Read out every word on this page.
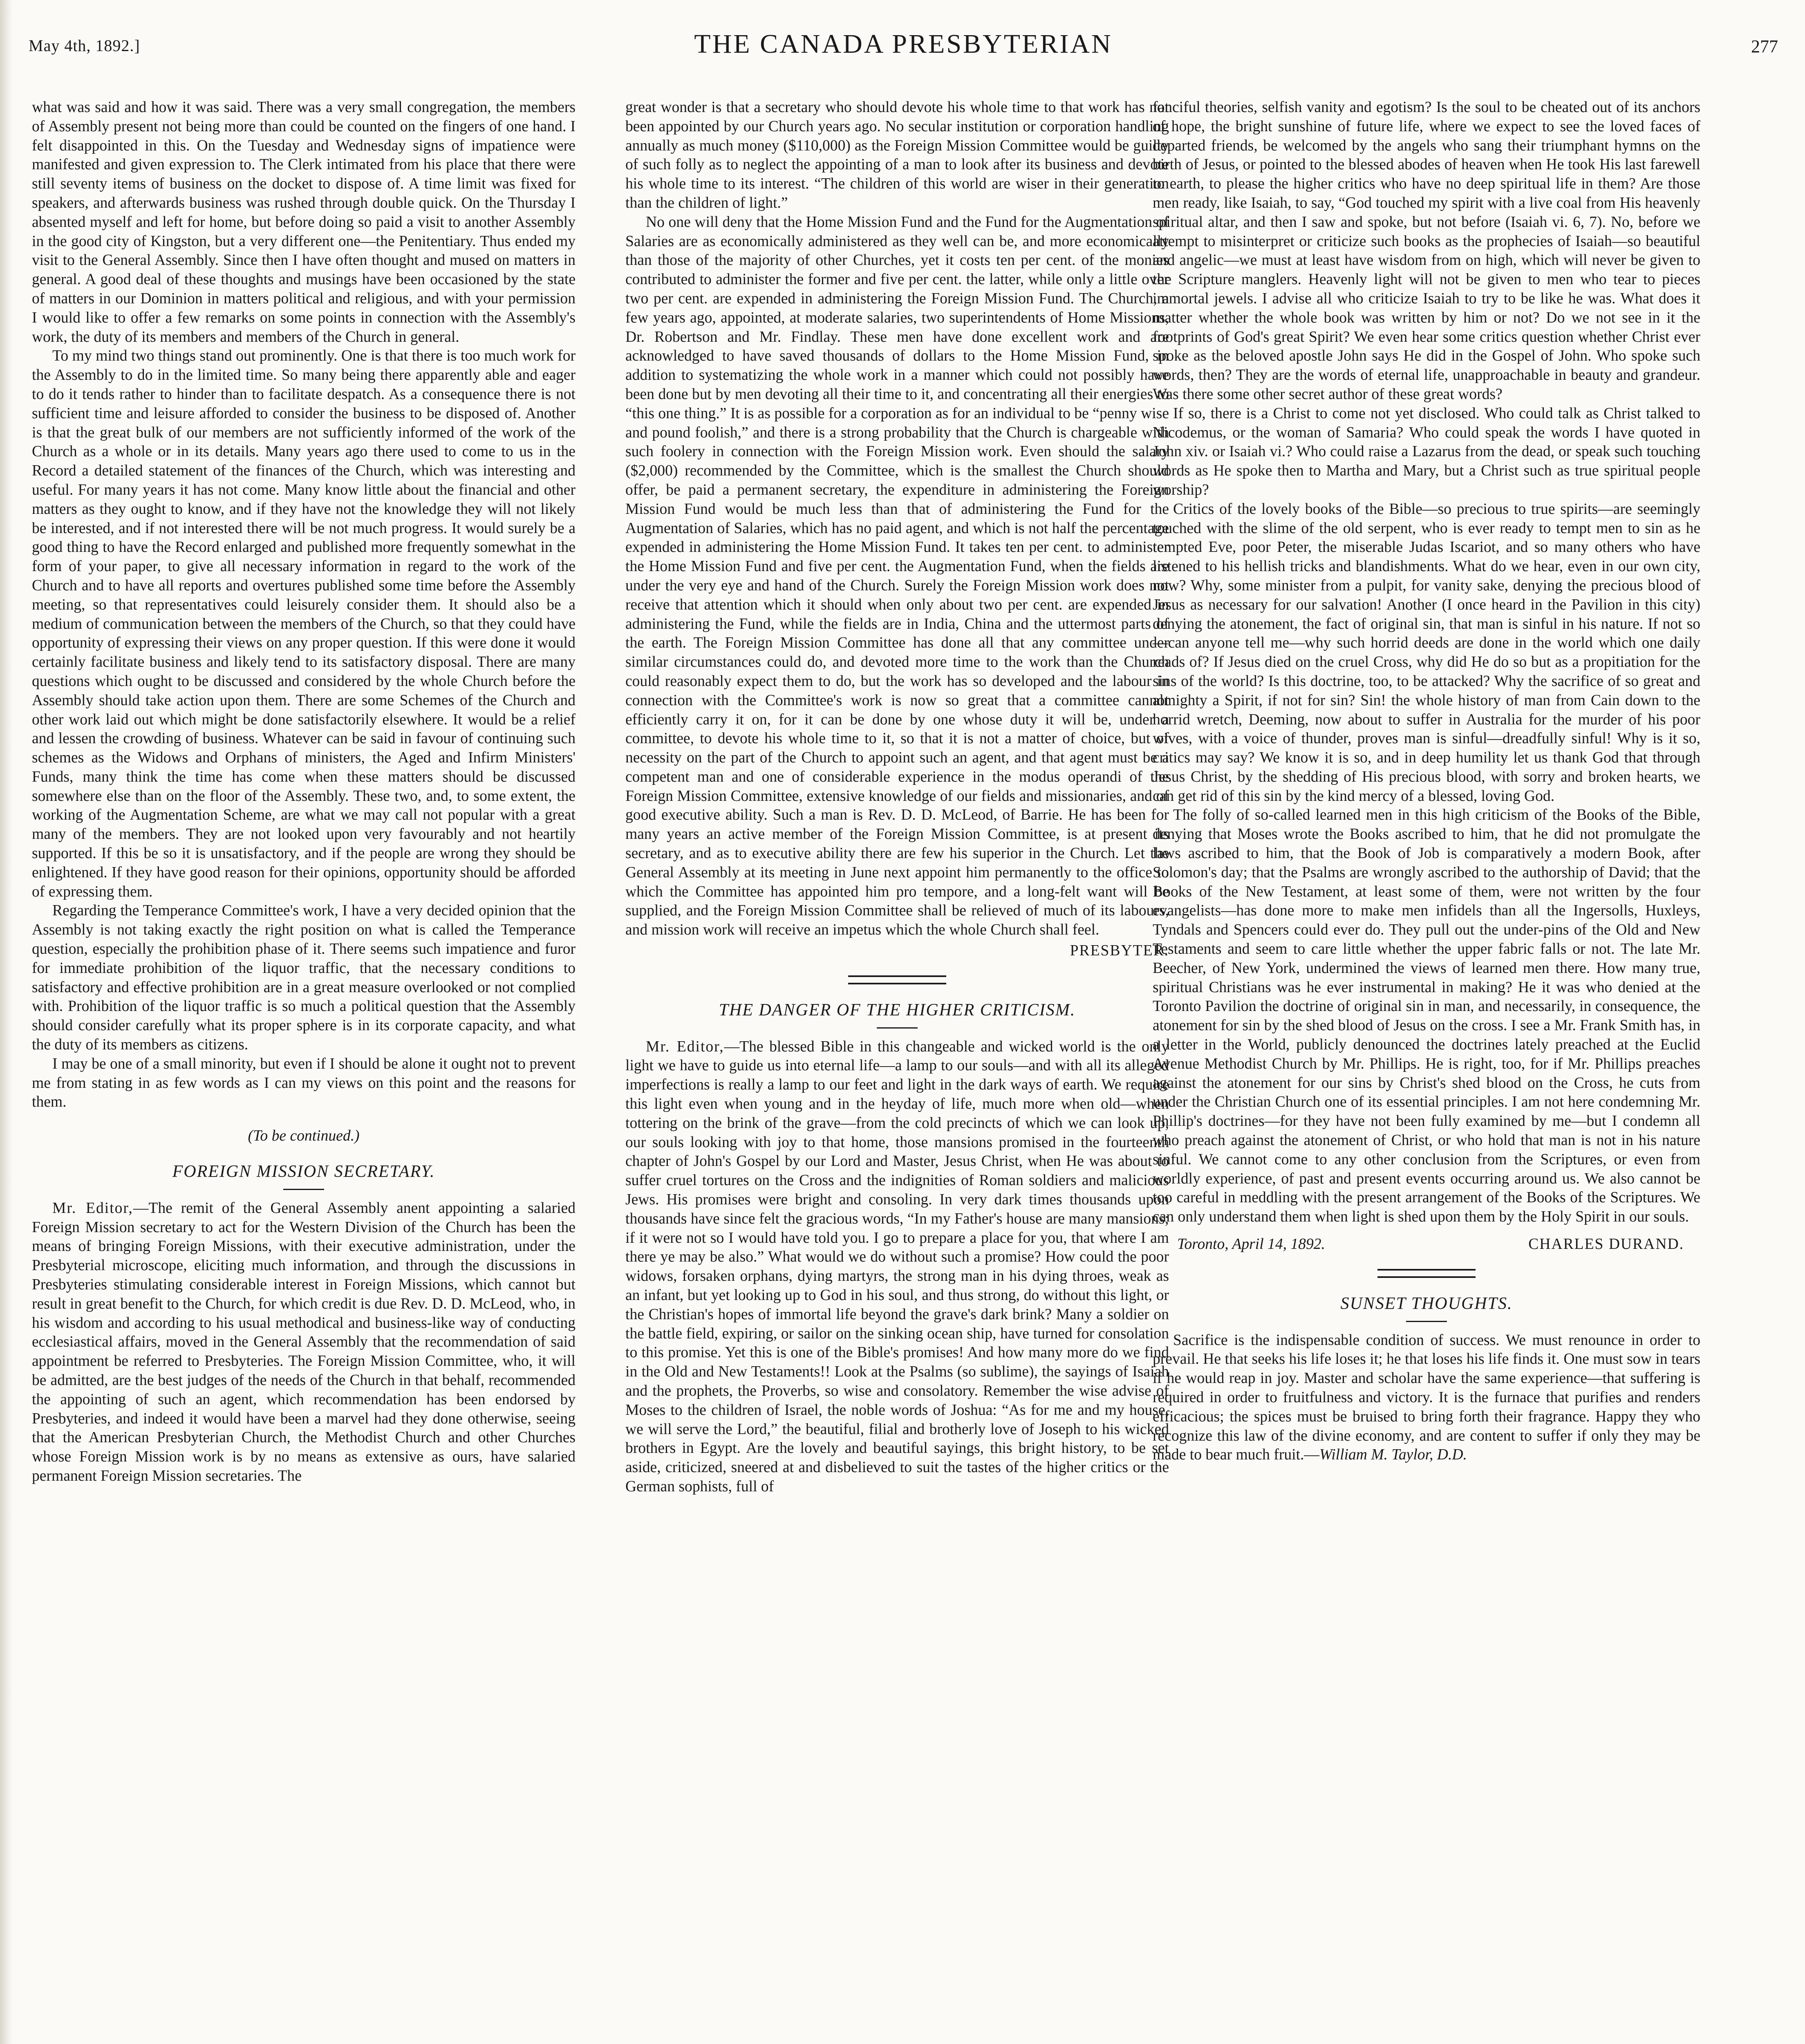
May 4th, 1892.]	THE CANADA PRESBYTERIAN	277

what was said and how it was said. There was a very small congregation, the members of Assembly present not being more than could be counted on the fingers of one hand. I felt disappointed in this. On the Tuesday and Wednesday signs of impatience were manifested and given expression to. The Clerk intimated from his place that there were still seventy items of business on the docket to dispose of. A time limit was fixed for speakers, and afterwards business was rushed through double quick. On the Thursday I absented myself and left for home, but before doing so paid a visit to another Assembly in the good city of Kingston, but a very different one—the Penitentiary. Thus ended my visit to the General Assembly. Since then I have often thought and mused on matters in general. A good deal of these thoughts and musings have been occasioned by the state of matters in our Dominion in matters political and religious, and with your permission I would like to offer a few remarks on some points in connection with the Assembly's work, the duty of its members and members of the Church in general.

To my mind two things stand out prominently. One is that there is too much work for the Assembly to do in the limited time. So many being there apparently able and eager to do it tends rather to hinder than to facilitate despatch. As a consequence there is not sufficient time and leisure afforded to consider the business to be disposed of. Another is that the great bulk of our members are not sufficiently informed of the work of the Church as a whole or in its details. Many years ago there used to come to us in the Record a detailed statement of the finances of the Church, which was interesting and useful. For many years it has not come. Many know little about the financial and other matters as they ought to know, and if they have not the knowledge they will not likely be interested, and if not interested there will be not much progress. It would surely be a good thing to have the Record enlarged and published more frequently somewhat in the form of your paper, to give all necessary information in regard to the work of the Church and to have all reports and overtures published some time before the Assembly meeting, so that representatives could leisurely consider them. It should also be a medium of communication between the members of the Church, so that they could have opportunity of expressing their views on any proper question. If this were done it would certainly facilitate business and likely tend to its satisfactory disposal. There are many questions which ought to be discussed and considered by the whole Church before the Assembly should take action upon them. There are some Schemes of the Church and other work laid out which might be done satisfactorily elsewhere. It would be a relief and lessen the crowding of business. Whatever can be said in favour of continuing such schemes as the Widows and Orphans of ministers, the Aged and Infirm Ministers' Funds, many think the time has come when these matters should be discussed somewhere else than on the floor of the Assembly. These two, and, to some extent, the working of the Augmentation Scheme, are what we may call not popular with a great many of the members. They are not looked upon very favourably and not heartily supported. If this be so it is unsatisfactory, and if the people are wrong they should be enlightened. If they have good reason for their opinions, opportunity should be afforded of expressing them.

Regarding the Temperance Committee's work, I have a very decided opinion that the Assembly is not taking exactly the right position on what is called the Temperance question, especially the prohibition phase of it. There seems such impatience and furor for immediate prohibition of the liquor traffic, that the necessary conditions to satisfactory and effective prohibition are in a great measure overlooked or not complied with. Prohibition of the liquor traffic is so much a political question that the Assembly should consider carefully what its proper sphere is in its corporate capacity, and what the duty of its members as citizens.

I may be one of a small minority, but even if I should be alone it ought not to prevent me from stating in as few words as I can my views on this point and the reasons for them.

(To be continued.)
FOREIGN MISSION SECRETARY.

Mr. Editor,—The remit of the General Assembly anent appointing a salaried Foreign Mission secretary to act for the Western Division of the Church has been the means of bringing Foreign Missions, with their executive administration, under the Presbyterial microscope, eliciting much information, and through the discussions in Presbyteries stimulating considerable interest in Foreign Missions, which cannot but result in great benefit to the Church, for which credit is due Rev. D. D. McLeod, who, in his wisdom and according to his usual methodical and business-like way of conducting ecclesiastical affairs, moved in the General Assembly that the recommendation of said appointment be referred to Presbyteries. The Foreign Mission Committee, who, it will be admitted, are the best judges of the needs of the Church in that behalf, recommended the appointing of such an agent, which recommendation has been endorsed by Presbyteries, and indeed it would have been a marvel had they done otherwise, seeing that the American Presbyterian Church, the Methodist Church and other Churches whose Foreign Mission work is by no means as extensive as ours, have salaried permanent Foreign Mission secretaries. The

great wonder is that a secretary who should devote his whole time to that work has not been appointed by our Church years ago. No secular institution or corporation handling annually as much money ($110,000) as the Foreign Mission Committee would be guilty of such folly as to neglect the appointing of a man to look after its business and devote his whole time to its interest. “The children of this world are wiser in their generation than the children of light.”

No one will deny that the Home Mission Fund and the Fund for the Augmentation of Salaries are as economically administered as they well can be, and more economically than those of the majority of other Churches, yet it costs ten per cent. of the monies contributed to administer the former and five per cent. the latter, while only a little over two per cent. are expended in administering the Foreign Mission Fund. The Church, a few years ago, appointed, at moderate salaries, two superintendents of Home Missions, Dr. Robertson and Mr. Findlay. These men have done excellent work and are acknowledged to have saved thousands of dollars to the Home Mission Fund, in addition to systematizing the whole work in a manner which could not possibly have been done but by men devoting all their time to it, and concentrating all their energies to “this one thing.” It is as possible for a corporation as for an individual to be “penny wise and pound foolish,” and there is a strong probability that the Church is chargeable with such foolery in connection with the Foreign Mission work. Even should the salary ($2,000) recommended by the Committee, which is the smallest the Church should offer, be paid a permanent secretary, the expenditure in administering the Foreign Mission Fund would be much less than that of administering the Fund for the Augmentation of Salaries, which has no paid agent, and which is not half the percentage expended in administering the Home Mission Fund. It takes ten per cent. to administer the Home Mission Fund and five per cent. the Augmentation Fund, when the fields are under the very eye and hand of the Church. Surely the Foreign Mission work does not receive that attention which it should when only about two per cent. are expended in administering the Fund, while the fields are in India, China and the uttermost parts of the earth. The Foreign Mission Committee has done all that any committee under similar circumstances could do, and devoted more time to the work than the Church could reasonably expect them to do, but the work has so developed and the labour in connection with the Committee's work is now so great that a committee cannot efficiently carry it on, for it can be done by one whose duty it will be, under a committee, to devote his whole time to it, so that it is not a matter of choice, but of necessity on the part of the Church to appoint such an agent, and that agent must be a competent man and one of considerable experience in the modus operandi of the Foreign Mission Committee, extensive knowledge of our fields and missionaries, and of good executive ability. Such a man is Rev. D. D. McLeod, of Barrie. He has been for many years an active member of the Foreign Mission Committee, is at present its secretary, and as to executive ability there are few his superior in the Church. Let the General Assembly at its meeting in June next appoint him permanently to the office to which the Committee has appointed him pro tempore, and a long-felt want will be supplied, and the Foreign Mission Committee shall be relieved of much of its labours, and mission work will receive an impetus which the whole Church shall feel.

PRESBYTER.
THE DANGER OF THE HIGHER CRITICISM.

Mr. Editor,—The blessed Bible in this changeable and wicked world is the only light we have to guide us into eternal life—a lamp to our souls—and with all its alleged imperfections is really a lamp to our feet and light in the dark ways of earth. We require this light even when young and in the heyday of life, much more when old—when tottering on the brink of the grave—from the cold precincts of which we can look up, our souls looking with joy to that home, those mansions promised in the fourteenth chapter of John's Gospel by our Lord and Master, Jesus Christ, when He was about to suffer cruel tortures on the Cross and the indignities of Roman soldiers and malicious Jews. His promises were bright and consoling. In very dark times thousands upon thousands have since felt the gracious words, “In my Father's house are many mansions; if it were not so I would have told you. I go to prepare a place for you, that where I am there ye may be also.” What would we do without such a promise? How could the poor widows, forsaken orphans, dying martyrs, the strong man in his dying throes, weak as an infant, but yet looking up to God in his soul, and thus strong, do without this light, or the Christian's hopes of immortal life beyond the grave's dark brink? Many a soldier on the battle field, expiring, or sailor on the sinking ocean ship, have turned for consolation to this promise. Yet this is one of the Bible's promises! And how many more do we find in the Old and New Testaments!! Look at the Psalms (so sublime), the sayings of Isaiah and the prophets, the Proverbs, so wise and consolatory. Remember the wise advise of Moses to the children of Israel, the noble words of Joshua: “As for me and my house, we will serve the Lord,” the beautiful, filial and brotherly love of Joseph to his wicked brothers in Egypt. Are the lovely and beautiful sayings, this bright history, to be set aside, criticized, sneered at and disbelieved to suit the tastes of the higher critics or the German sophists, full of

fanciful theories, selfish vanity and egotism? Is the soul to be cheated out of its anchors of hope, the bright sunshine of future life, where we expect to see the loved faces of departed friends, be welcomed by the angels who sang their triumphant hymns on the birth of Jesus, or pointed to the blessed abodes of heaven when He took His last farewell to earth, to please the higher critics who have no deep spiritual life in them? Are those men ready, like Isaiah, to say, “God touched my spirit with a live coal from His heavenly spiritual altar, and then I saw and spoke, but not before (Isaiah vi. 6, 7). No, before we attempt to misinterpret or criticize such books as the prophecies of Isaiah—so beautiful and angelic—we must at least have wisdom from on high, which will never be given to the Scripture manglers. Heavenly light will not be given to men who tear to pieces immortal jewels. I advise all who criticize Isaiah to try to be like he was. What does it matter whether the whole book was written by him or not? Do we not see in it the footprints of God's great Spirit? We even hear some critics question whether Christ ever spoke as the beloved apostle John says He did in the Gospel of John. Who spoke such words, then? They are the words of eternal life, unapproachable in beauty and grandeur. Was there some other secret author of these great words?

If so, there is a Christ to come not yet disclosed. Who could talk as Christ talked to Nicodemus, or the woman of Samaria? Who could speak the words I have quoted in John xiv. or Isaiah vi.? Who could raise a Lazarus from the dead, or speak such touching words as He spoke then to Martha and Mary, but a Christ such as true spiritual people worship?

Critics of the lovely books of the Bible—so precious to true spirits—are seemingly touched with the slime of the old serpent, who is ever ready to tempt men to sin as he tempted Eve, poor Peter, the miserable Judas Iscariot, and so many others who have listened to his hellish tricks and blandishments. What do we hear, even in our own city, now? Why, some minister from a pulpit, for vanity sake, denying the precious blood of Jesus as necessary for our salvation! Another (I once heard in the Pavilion in this city) denying the atonement, the fact of original sin, that man is sinful in his nature. If not so—can anyone tell me—why such horrid deeds are done in the world which one daily reads of? If Jesus died on the cruel Cross, why did He do so but as a propitiation for the sins of the world? Is this doctrine, too, to be attacked? Why the sacrifice of so great and almighty a Spirit, if not for sin? Sin! the whole history of man from Cain down to the horrid wretch, Deeming, now about to suffer in Australia for the murder of his poor wives, with a voice of thunder, proves man is sinful—dreadfully sinful! Why is it so, critics may say? We know it is so, and in deep humility let us thank God that through Jesus Christ, by the shedding of His precious blood, with sorry and broken hearts, we can get rid of this sin by the kind mercy of a blessed, loving God.

The folly of so-called learned men in this high criticism of the Books of the Bible, denying that Moses wrote the Books ascribed to him, that he did not promulgate the laws ascribed to him, that the Book of Job is comparatively a modern Book, after Solomon's day; that the Psalms are wrongly ascribed to the authorship of David; that the Books of the New Testament, at least some of them, were not written by the four evangelists—has done more to make men infidels than all the Ingersolls, Huxleys, Tyndals and Spencers could ever do. They pull out the under-pins of the Old and New Testaments and seem to care little whether the upper fabric falls or not. The late Mr. Beecher, of New York, undermined the views of learned men there. How many true, spiritual Christians was he ever instrumental in making? He it was who denied at the Toronto Pavilion the doctrine of original sin in man, and necessarily, in consequence, the atonement for sin by the shed blood of Jesus on the cross. I see a Mr. Frank Smith has, in a letter in the World, publicly denounced the doctrines lately preached at the Euclid Avenue Methodist Church by Mr. Phillips. He is right, too, for if Mr. Phillips preaches against the atonement for our sins by Christ's shed blood on the Cross, he cuts from under the Christian Church one of its essential principles. I am not here condemning Mr. Phillip's doctrines—for they have not been fully examined by me—but I condemn all who preach against the atonement of Christ, or who hold that man is not in his nature sinful. We cannot come to any other conclusion from the Scriptures, or even from worldly experience, of past and present events occurring around us. We also cannot be too careful in meddling with the present arrangement of the Books of the Scriptures. We can only understand them when light is shed upon them by the Holy Spirit in our souls.

Toronto, April 14, 1892.	CHARLES DURAND.
SUNSET THOUGHTS.

Sacrifice is the indispensable condition of success. We must renounce in order to prevail. He that seeks his life loses it; he that loses his life finds it. One must sow in tears if he would reap in joy. Master and scholar have the same experience—that suffering is required in order to fruitfulness and victory. It is the furnace that purifies and renders efficacious; the spices must be bruised to bring forth their fragrance. Happy they who recognize this law of the divine economy, and are content to suffer if only they may be made to bear much fruit.—William M. Taylor, D.D.
